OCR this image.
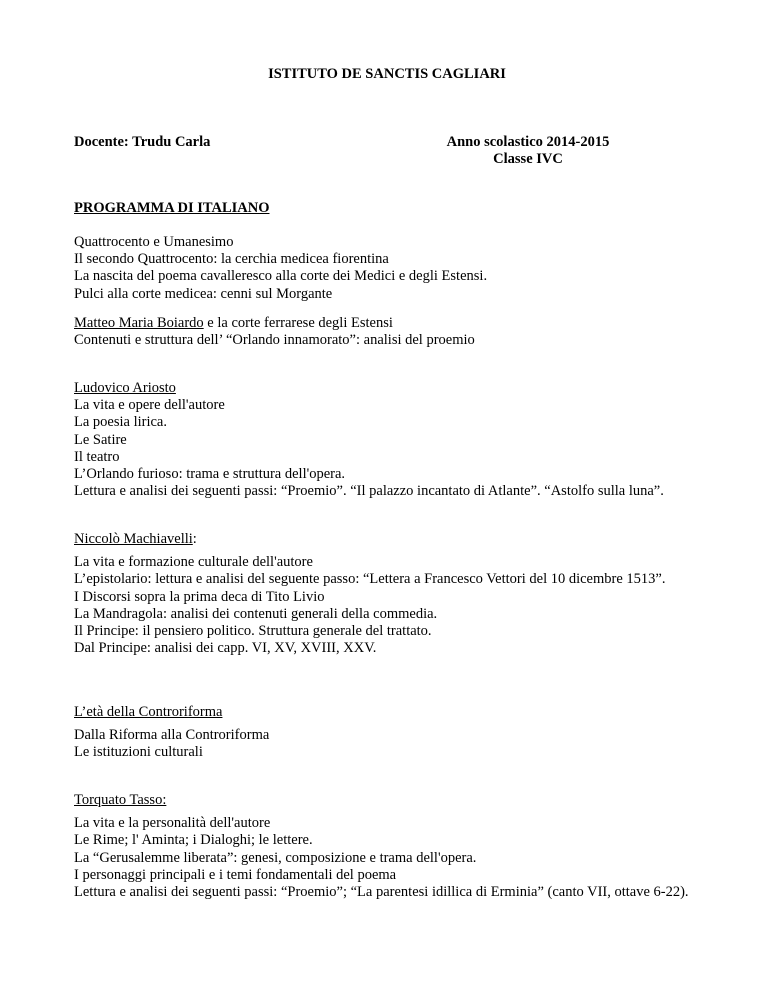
ISTITUTO DE SANCTIS CAGLIARI
Docente: Trudu Carla	Anno scolastico 2014-2015
Classe IVC
PROGRAMMA DI ITALIANO
Quattrocento e Umanesimo
Il secondo Quattrocento: la cerchia medicea fiorentina
La nascita del poema cavalleresco alla corte dei Medici e degli Estensi.
Pulci alla corte medicea: cenni sul Morgante
Matteo Maria Boiardo e la corte ferrarese degli Estensi
Contenuti e struttura dell’ “Orlando innamorato”: analisi del proemio
Ludovico Ariosto
La vita e opere dell'autore
La poesia lirica.
Le Satire
Il teatro
L’Orlando furioso: trama e struttura dell'opera.
Lettura e analisi dei seguenti passi: “Proemio”. “Il palazzo incantato di Atlante”. “Astolfo sulla luna”.
Niccolò Machiavelli:
La vita e formazione culturale dell'autore
L’epistolario: lettura e analisi del seguente passo: “Lettera a Francesco Vettori del 10 dicembre 1513”.
I Discorsi sopra la prima deca di Tito Livio
La Mandragola: analisi dei contenuti generali della commedia.
Il Principe: il pensiero politico. Struttura generale del trattato.
Dal Principe: analisi dei capp. VI, XV, XVIII, XXV.
L’età della Controriforma
Dalla Riforma alla Controriforma
Le istituzioni culturali
Torquato Tasso:
La vita e la personalità dell'autore
Le Rime; l' Aminta; i Dialoghi; le lettere.
La “Gerusalemme liberata”: genesi, composizione e trama dell'opera.
I personaggi principali e i temi fondamentali del poema
Lettura e analisi dei seguenti passi: “Proemio”; “La parentesi idillica di Erminia” (canto VII, ottave 6-22).
